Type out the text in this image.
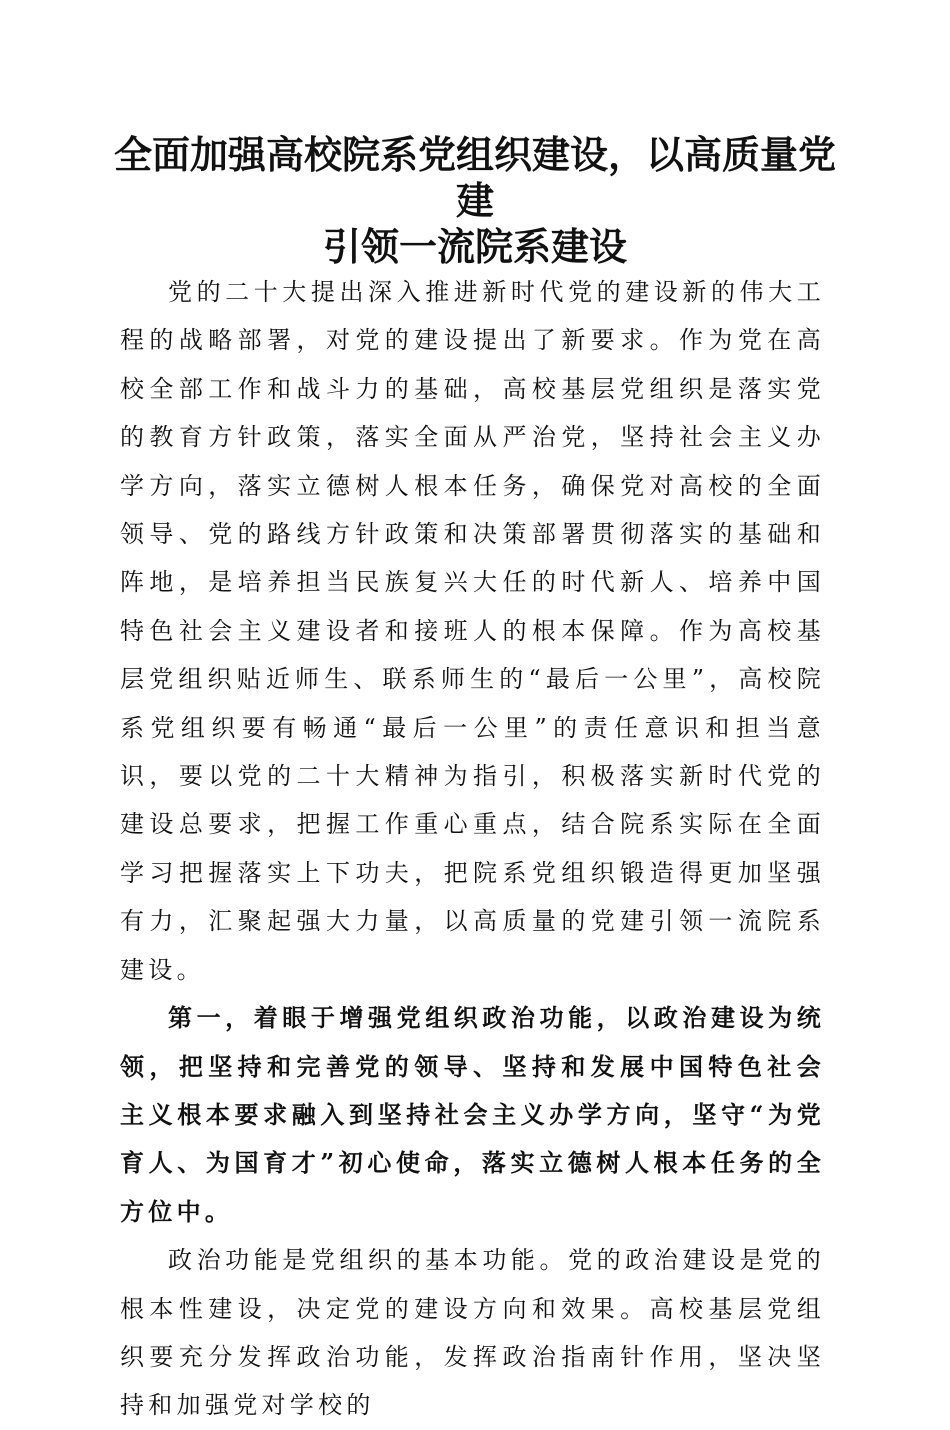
全面加强高校院系党组织建设，以高质量党建
引领一流院系建设

党的二十大提出深入推进新时代党的建设新的伟大工程的战略部署，对党的建设提出了新要求。作为党在高校全部工作和战斗力的基础，高校基层党组织是落实党的教育方针政策，落实全面从严治党，坚持社会主义办学方向，落实立德树人根本任务，确保党对高校的全面领导、党的路线方针政策和决策部署贯彻落实的基础和阵地，是培养担当民族复兴大任的时代新人、培养中国特色社会主义建设者和接班人的根本保障。作为高校基层党组织贴近师生、联系师生的“最后一公里”，高校院系党组织要有畅通“最后一公里”的责任意识和担当意识，要以党的二十大精神为指引，积极落实新时代党的建设总要求，把握工作重心重点，结合院系实际在全面学习把握落实上下功夫，把院系党组织锻造得更加坚强有力，汇聚起强大力量，以高质量的党建引领一流院系建设。

第一，着眼于增强党组织政治功能，以政治建设为统领，把坚持和完善党的领导、坚持和发展中国特色社会主义根本要求融入到坚持社会主义办学方向，坚守“为党育人、为国育才”初心使命，落实立德树人根本任务的全方位中。

政治功能是党组织的基本功能。党的政治建设是党的根本性建设，决定党的建设方向和效果。高校基层党组织要充分发挥政治功能，发挥政治指南针作用，坚决坚持和加强党对学校的
